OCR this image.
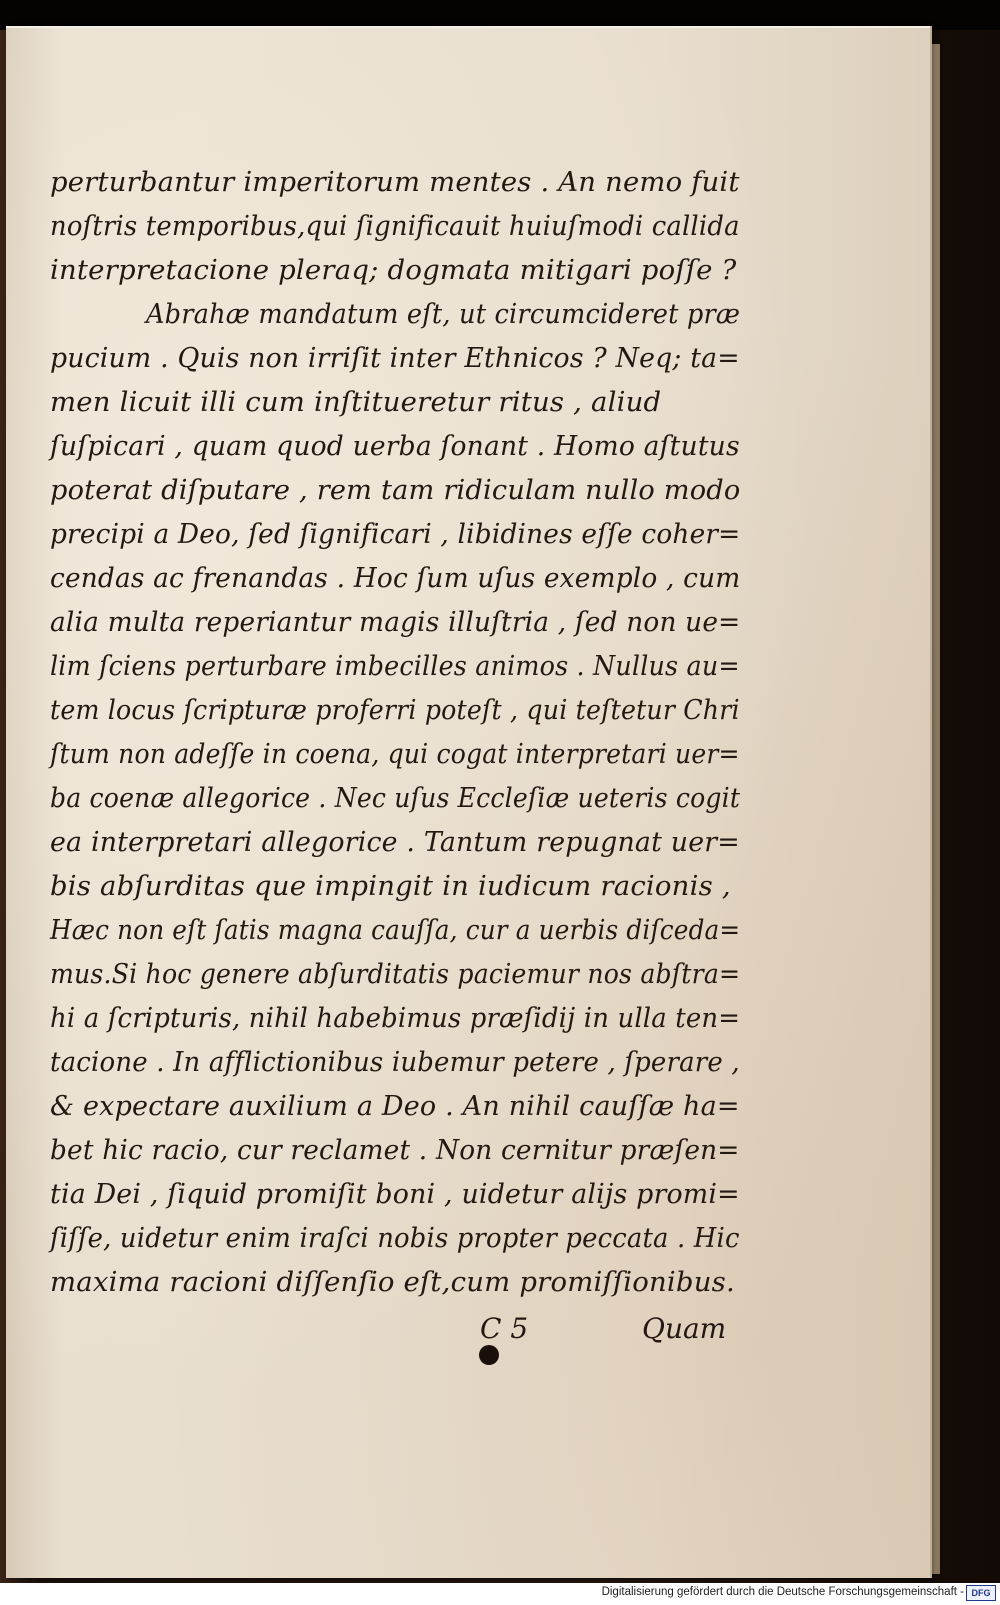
perturbantur imperitorum mentes . An nemo fuit
noſtris temporibus,qui ſignificauit huiuſmodi callida
interpretacione pleraq; dogmata mitigari poſſe ?
Abrahæ mandatum eſt, ut circumcideret præ
pucium . Quis non irriſit inter Ethnicos ? Neq; ta=
men licuit illi cum inſtitueretur ritus , aliud
ſuſpicari , quam quod uerba ſonant . Homo aſtutus
poterat diſputare , rem tam ridiculam nullo modo
precipi a Deo, ſed ſignificari , libidines eſſe coher=
cendas ac frenandas . Hoc ſum uſus exemplo , cum
alia multa reperiantur magis illuſtria , ſed non ue=
lim ſciens perturbare imbecilles animos . Nullus au=
tem locus ſcripturæ proferri poteſt , qui teſtetur Chri
ſtum non adeſſe in coena, qui cogat interpretari uer=
ba coenæ allegorice . Nec uſus Eccleſiæ ueteris cogit
ea interpretari allegorice . Tantum repugnat uer=
bis abſurditas que impingit in iudicum racionis ,
Hæc non eſt ſatis magna cauſſa, cur a uerbis diſceda=
mus.Si hoc genere abſurditatis paciemur nos abſtra=
hi a ſcripturis, nihil habebimus præſidij in ulla ten=
tacione . In afflictionibus iubemur petere , ſperare ,
& expectare auxilium a Deo . An nihil cauſſæ ha=
bet hic racio, cur reclamet . Non cernitur præſen=
tia Dei , ſiquid promiſit boni , uidetur alijs promi=
ſiſſe, uidetur enim iraſci nobis propter peccata . Hic
maxima racioni diſſenſio eſt,cum promiſſionibus.
C 5	Quam
Digitalisierung gefördert durch die Deutsche Forschungsgemeinschaft - DFG
